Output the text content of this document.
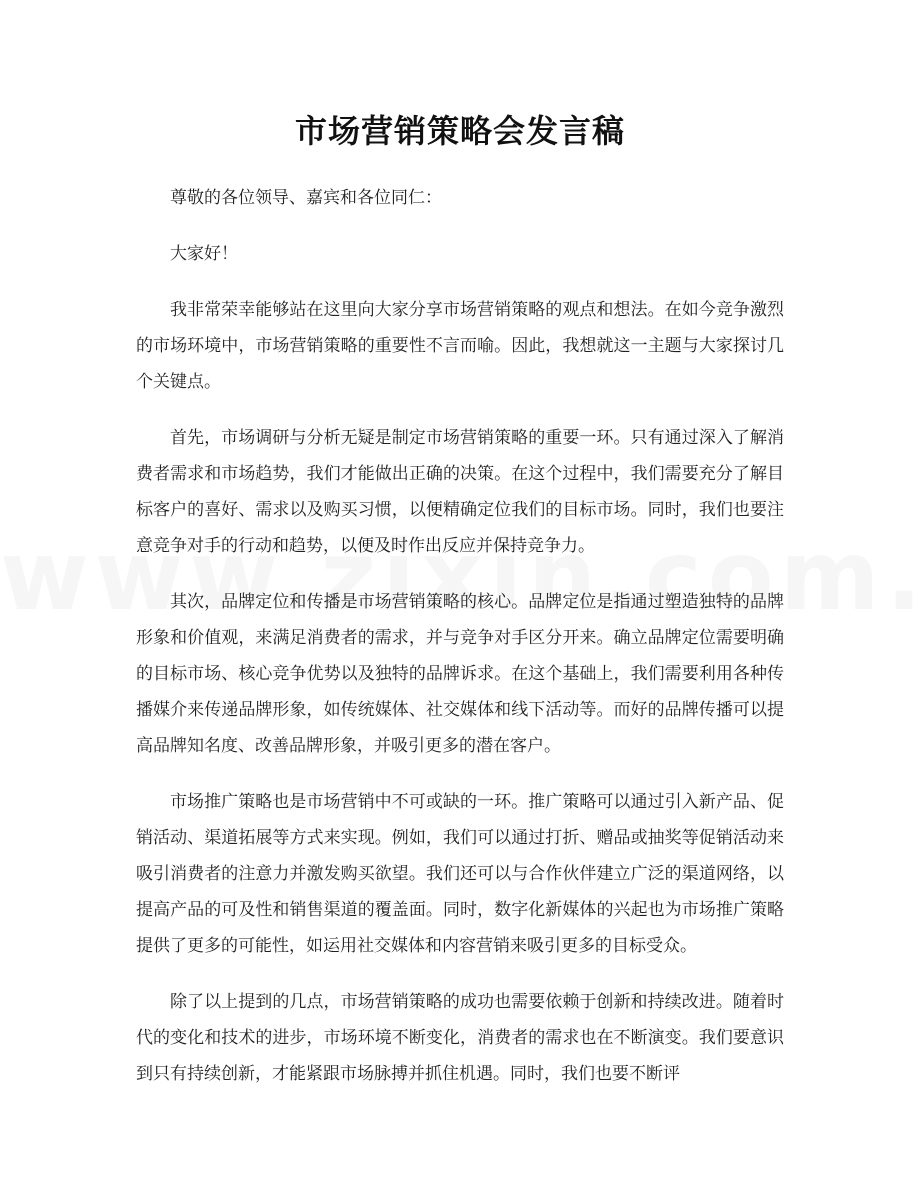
市场营销策略会发言稿

尊敬的各位领导、嘉宾和各位同仁：

大家好！

我非常荣幸能够站在这里向大家分享市场营销策略的观点和想法。在如今竞争激烈的市场环境中，市场营销策略的重要性不言而喻。因此，我想就这一主题与大家探讨几个关键点。

首先，市场调研与分析无疑是制定市场营销策略的重要一环。只有通过深入了解消费者需求和市场趋势，我们才能做出正确的决策。在这个过程中，我们需要充分了解目标客户的喜好、需求以及购买习惯，以便精确定位我们的目标市场。同时，我们也要注意竞争对手的行动和趋势，以便及时作出反应并保持竞争力。

其次，品牌定位和传播是市场营销策略的核心。品牌定位是指通过塑造独特的品牌形象和价值观，来满足消费者的需求，并与竞争对手区分开来。确立品牌定位需要明确的目标市场、核心竞争优势以及独特的品牌诉求。在这个基础上，我们需要利用各种传播媒介来传递品牌形象，如传统媒体、社交媒体和线下活动等。而好的品牌传播可以提高品牌知名度、改善品牌形象，并吸引更多的潜在客户。

市场推广策略也是市场营销中不可或缺的一环。推广策略可以通过引入新产品、促销活动、渠道拓展等方式来实现。例如，我们可以通过打折、赠品或抽奖等促销活动来吸引消费者的注意力并激发购买欲望。我们还可以与合作伙伴建立广泛的渠道网络，以提高产品的可及性和销售渠道的覆盖面。同时，数字化新媒体的兴起也为市场推广策略提供了更多的可能性，如运用社交媒体和内容营销来吸引更多的目标受众。

除了以上提到的几点，市场营销策略的成功也需要依赖于创新和持续改进。随着时代的变化和技术的进步，市场环境不断变化，消费者的需求也在不断演变。我们要意识到只有持续创新，才能紧跟市场脉搏并抓住机遇。同时，我们也要不断评
